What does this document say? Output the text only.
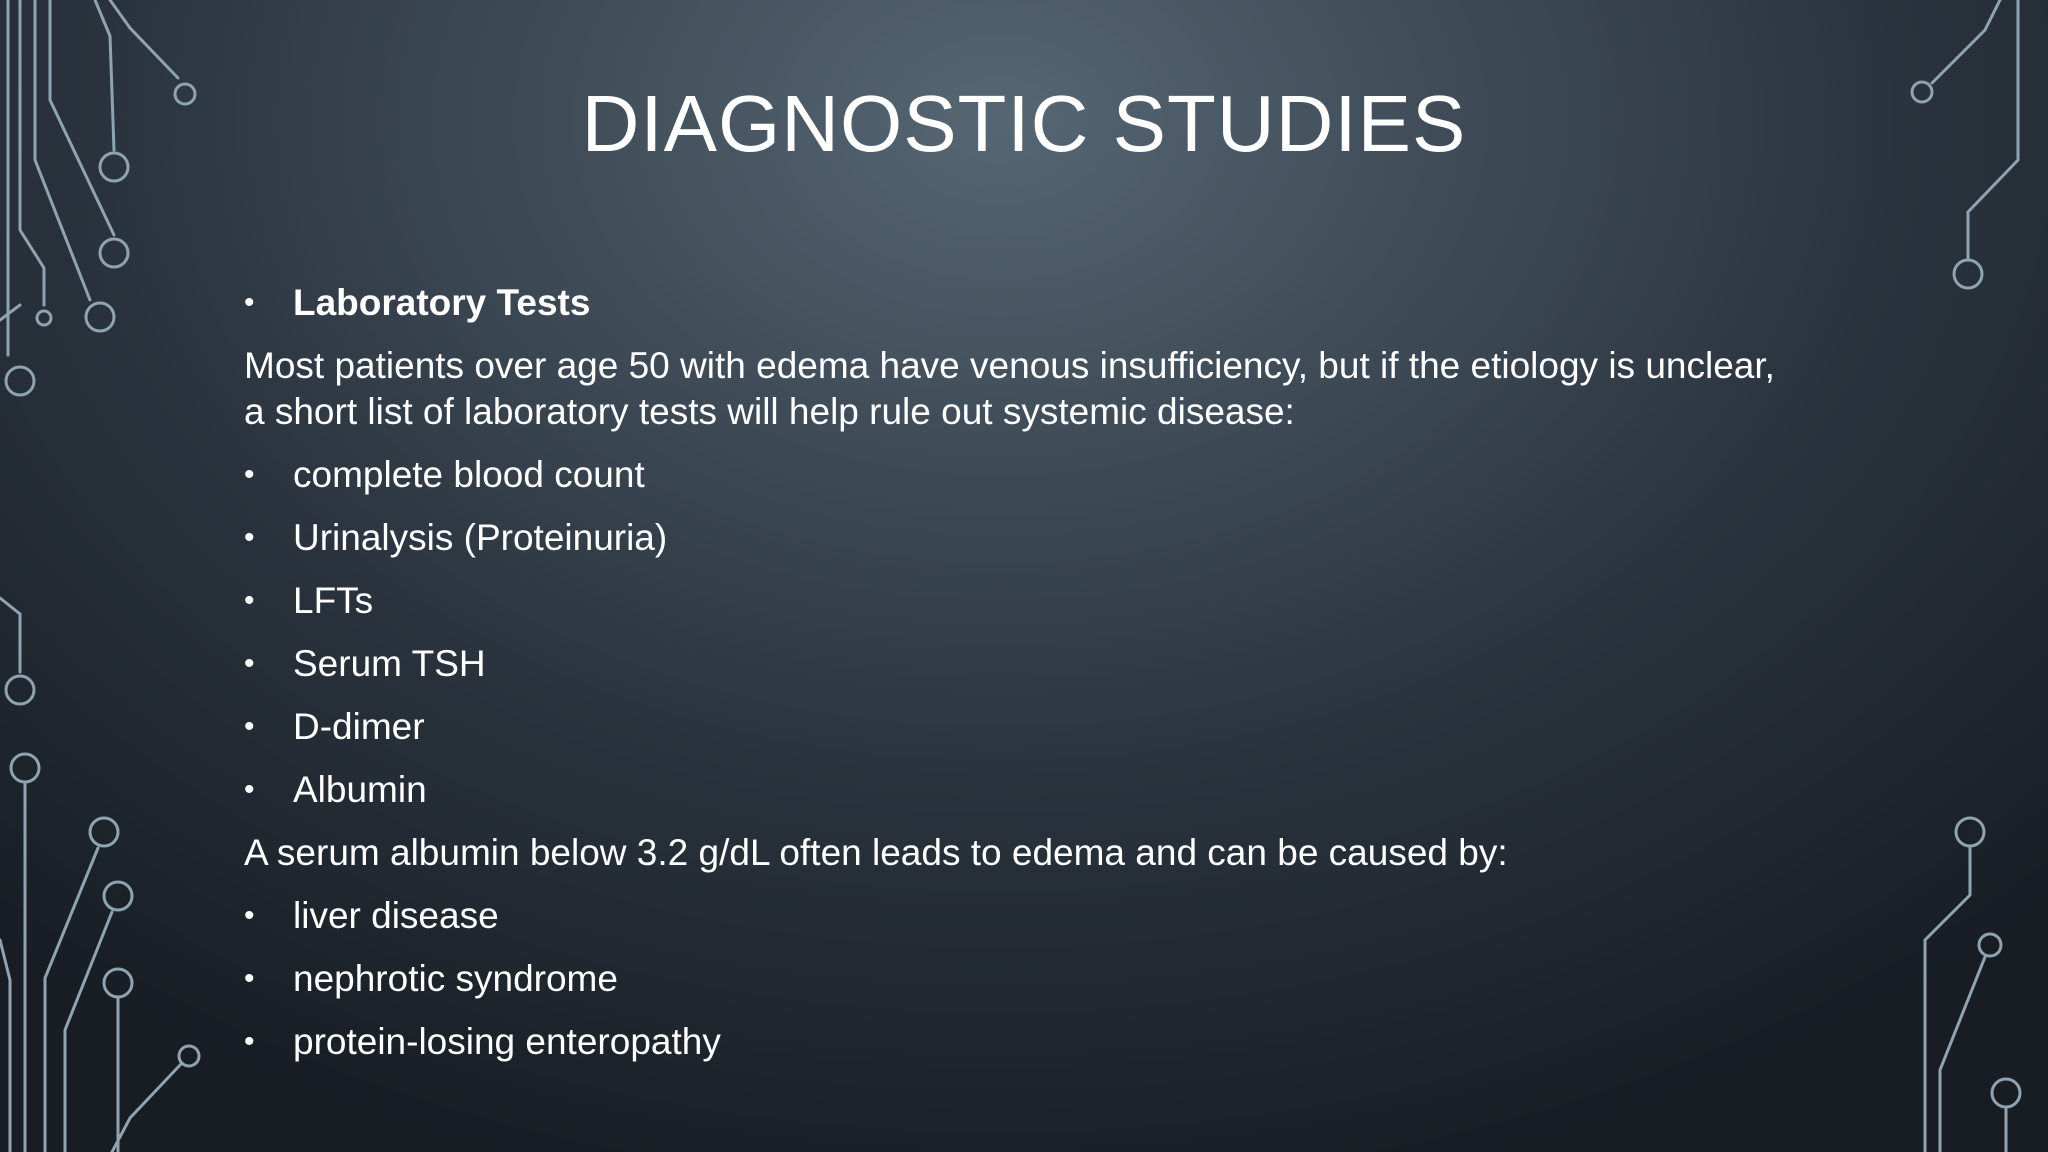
DIAGNOSTIC STUDIES
• Laboratory Tests

Most patients over age 50 with edema have venous insufficiency, but if the etiology is unclear, a short list of laboratory tests will help rule out systemic disease:

• complete blood count
• Urinalysis (Proteinuria)
• LFTs
• Serum TSH
• D-dimer
• Albumin

A serum albumin below 3.2 g/dL often leads to edema and can be caused by:

• liver disease
• nephrotic syndrome
• protein-losing enteropathy
